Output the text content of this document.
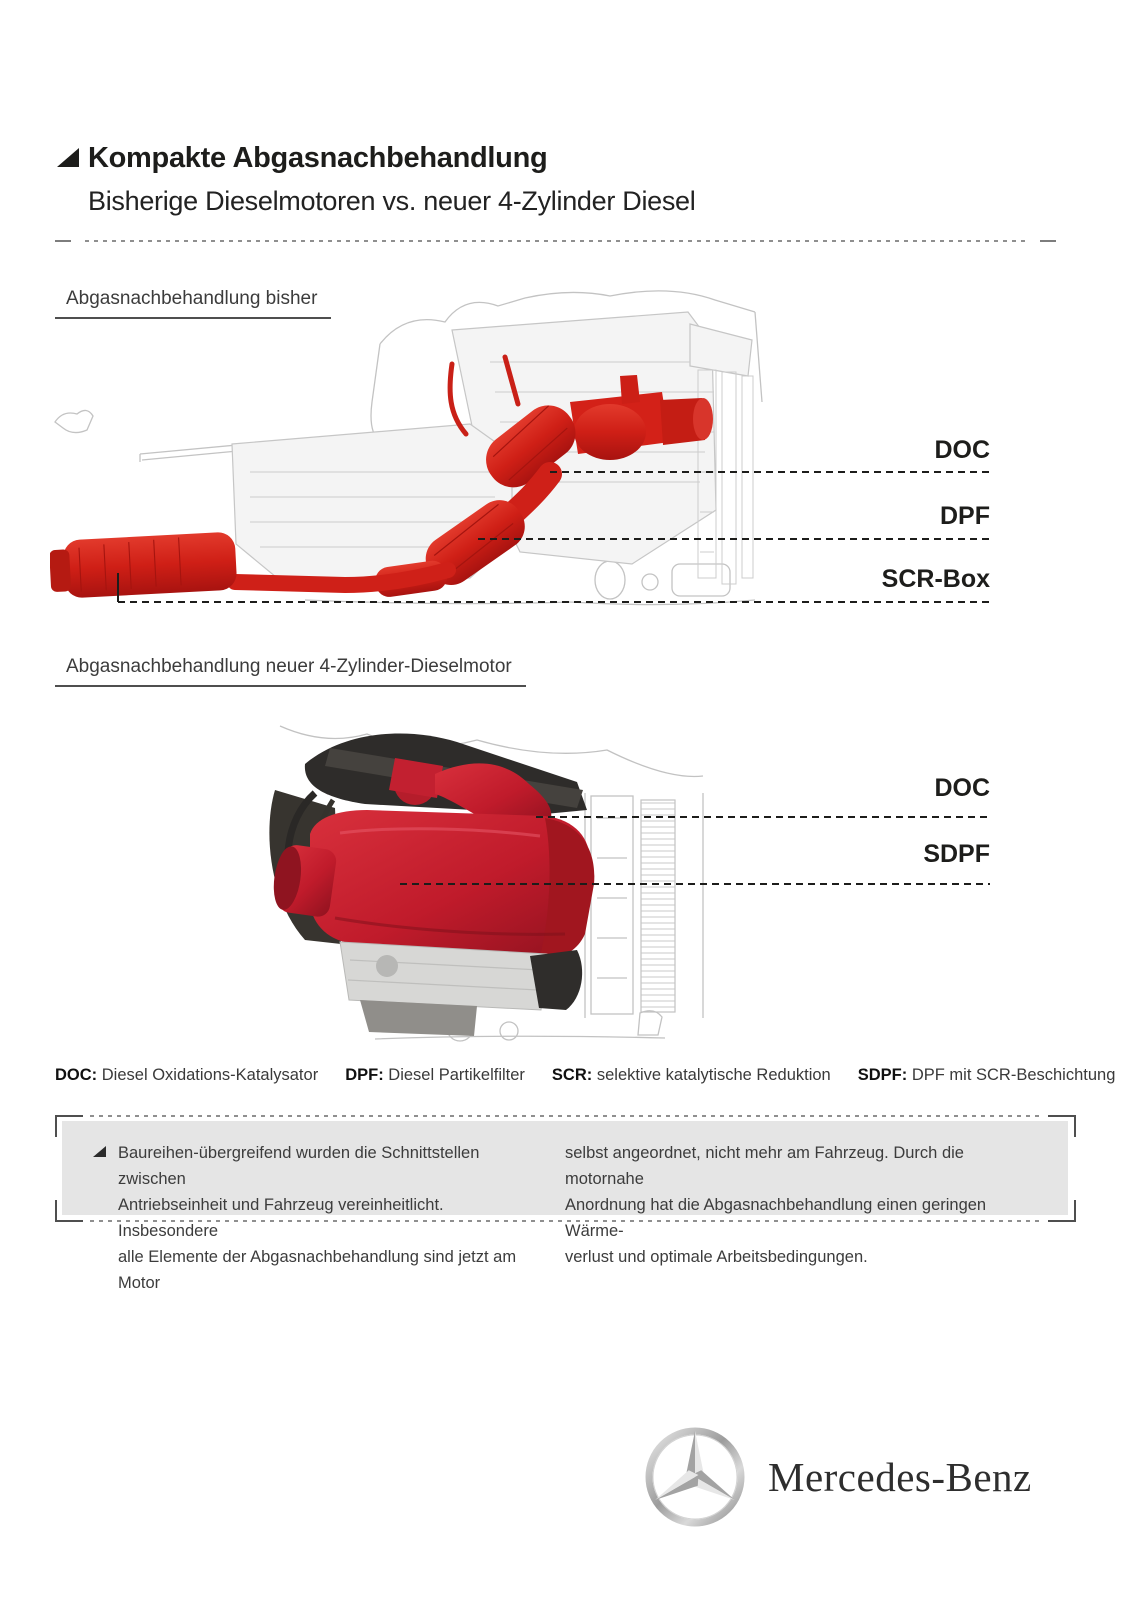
Kompakte Abgasnachbehandlung
Bisherige Dieselmotoren vs. neuer 4-Zylinder Diesel
Abgasnachbehandlung bisher
DOC
DPF
SCR-Box
Abgasnachbehandlung neuer 4-Zylinder-Dieselmotor
DOC
SDPF
DOC: Diesel Oxidations-Katalysator DPF: Diesel Partikelfilter SCR: selektive katalytische Reduktion SDPF: DPF mit SCR-Beschichtung
Baureihen-übergreifend wurden die Schnittstellen zwischen
Antriebseinheit und Fahrzeug vereinheitlicht. Insbesondere
alle Elemente der Abgasnachbehandlung sind jetzt am Motor
selbst angeordnet, nicht mehr am Fahrzeug. Durch die motornahe
Anordnung hat die Abgasnachbehandlung einen geringen Wärme-
verlust und optimale Arbeitsbedingungen.
Mercedes-Benz
